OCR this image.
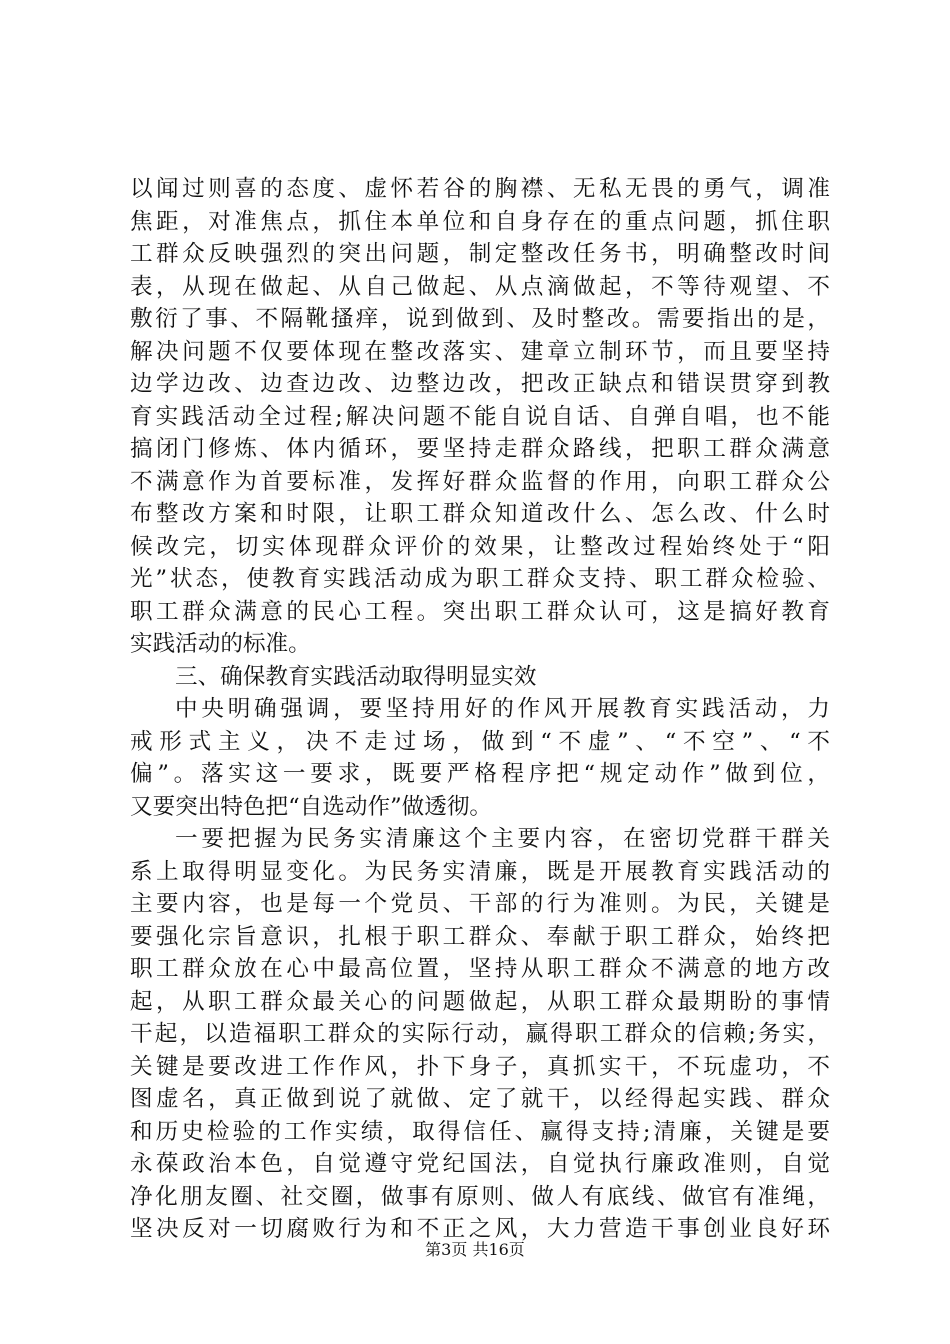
以闻过则喜的态度、虚怀若谷的胸襟、无私无畏的勇气，调准
焦距，对准焦点，抓住本单位和自身存在的重点问题，抓住职
工群众反映强烈的突出问题，制定整改任务书，明确整改时间
表，从现在做起、从自己做起、从点滴做起，不等待观望、不
敷衍了事、不隔靴搔痒，说到做到、及时整改。需要指出的是，
解决问题不仅要体现在整改落实、建章立制环节，而且要坚持
边学边改、边查边改、边整边改，把改正缺点和错误贯穿到教
育实践活动全过程;解决问题不能自说自话、自弹自唱，也不能
搞闭门修炼、体内循环，要坚持走群众路线，把职工群众满意
不满意作为首要标准，发挥好群众监督的作用，向职工群众公
布整改方案和时限，让职工群众知道改什么、怎么改、什么时
候改完，切实体现群众评价的效果，让整改过程始终处于“阳
光”状态，使教育实践活动成为职工群众支持、职工群众检验、
职工群众满意的民心工程。突出职工群众认可，这是搞好教育
实践活动的标准。
三、确保教育实践活动取得明显实效
中央明确强调，要坚持用好的作风开展教育实践活动，力
戒形式主义，决不走过场，做到“不虚”、“不空”、“不
偏”。落实这一要求，既要严格程序把“规定动作”做到位，
又要突出特色把“自选动作”做透彻。
一要把握为民务实清廉这个主要内容，在密切党群干群关
系上取得明显变化。为民务实清廉，既是开展教育实践活动的
主要内容，也是每一个党员、干部的行为准则。为民，关键是
要强化宗旨意识，扎根于职工群众、奉献于职工群众，始终把
职工群众放在心中最高位置，坚持从职工群众不满意的地方改
起，从职工群众最关心的问题做起，从职工群众最期盼的事情
干起，以造福职工群众的实际行动，赢得职工群众的信赖;务实，
关键是要改进工作作风，扑下身子，真抓实干，不玩虚功，不
图虚名，真正做到说了就做、定了就干，以经得起实践、群众
和历史检验的工作实绩，取得信任、赢得支持;清廉，关键是要
永葆政治本色，自觉遵守党纪国法，自觉执行廉政准则，自觉
净化朋友圈、社交圈，做事有原则、做人有底线、做官有准绳，
坚决反对一切腐败行为和不正之风，大力营造干事创业良好环
第3页 共16页
